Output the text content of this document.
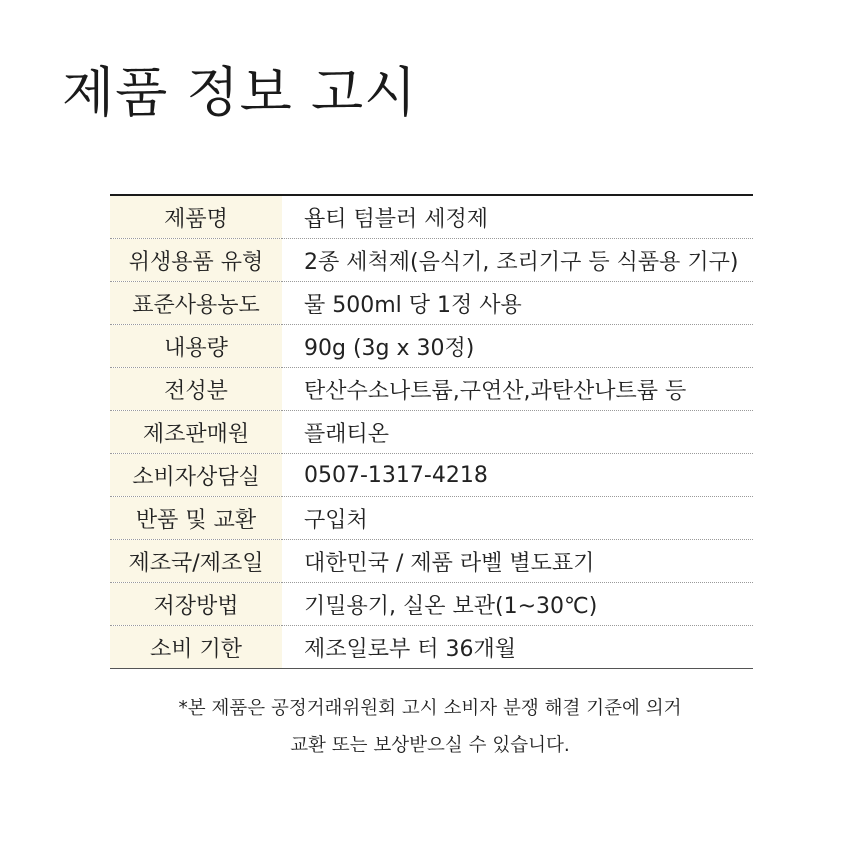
제품 정보 고시
제품명	욥티 텀블러 세정제
위생용품 유형	2종 세척제(음식기, 조리기구 등 식품용 기구)
표준사용농도	물 500ml 당 1정 사용
내용량	90g (3g x 30정)
전성분	탄산수소나트륨,구연산,과탄산나트륨 등
제조판매원	플래티온
소비자상담실	0507-1317-4218
반품 및 교환	구입처
제조국/제조일	대한민국 / 제품 라벨 별도표기
저장방법	기밀용기, 실온 보관(1~30℃)
소비 기한	제조일로부 터 36개월

*본 제품은 공정거래위원회 고시 소비자 분쟁 해결 기준에 의거

교환 또는 보상받으실 수 있습니다.
